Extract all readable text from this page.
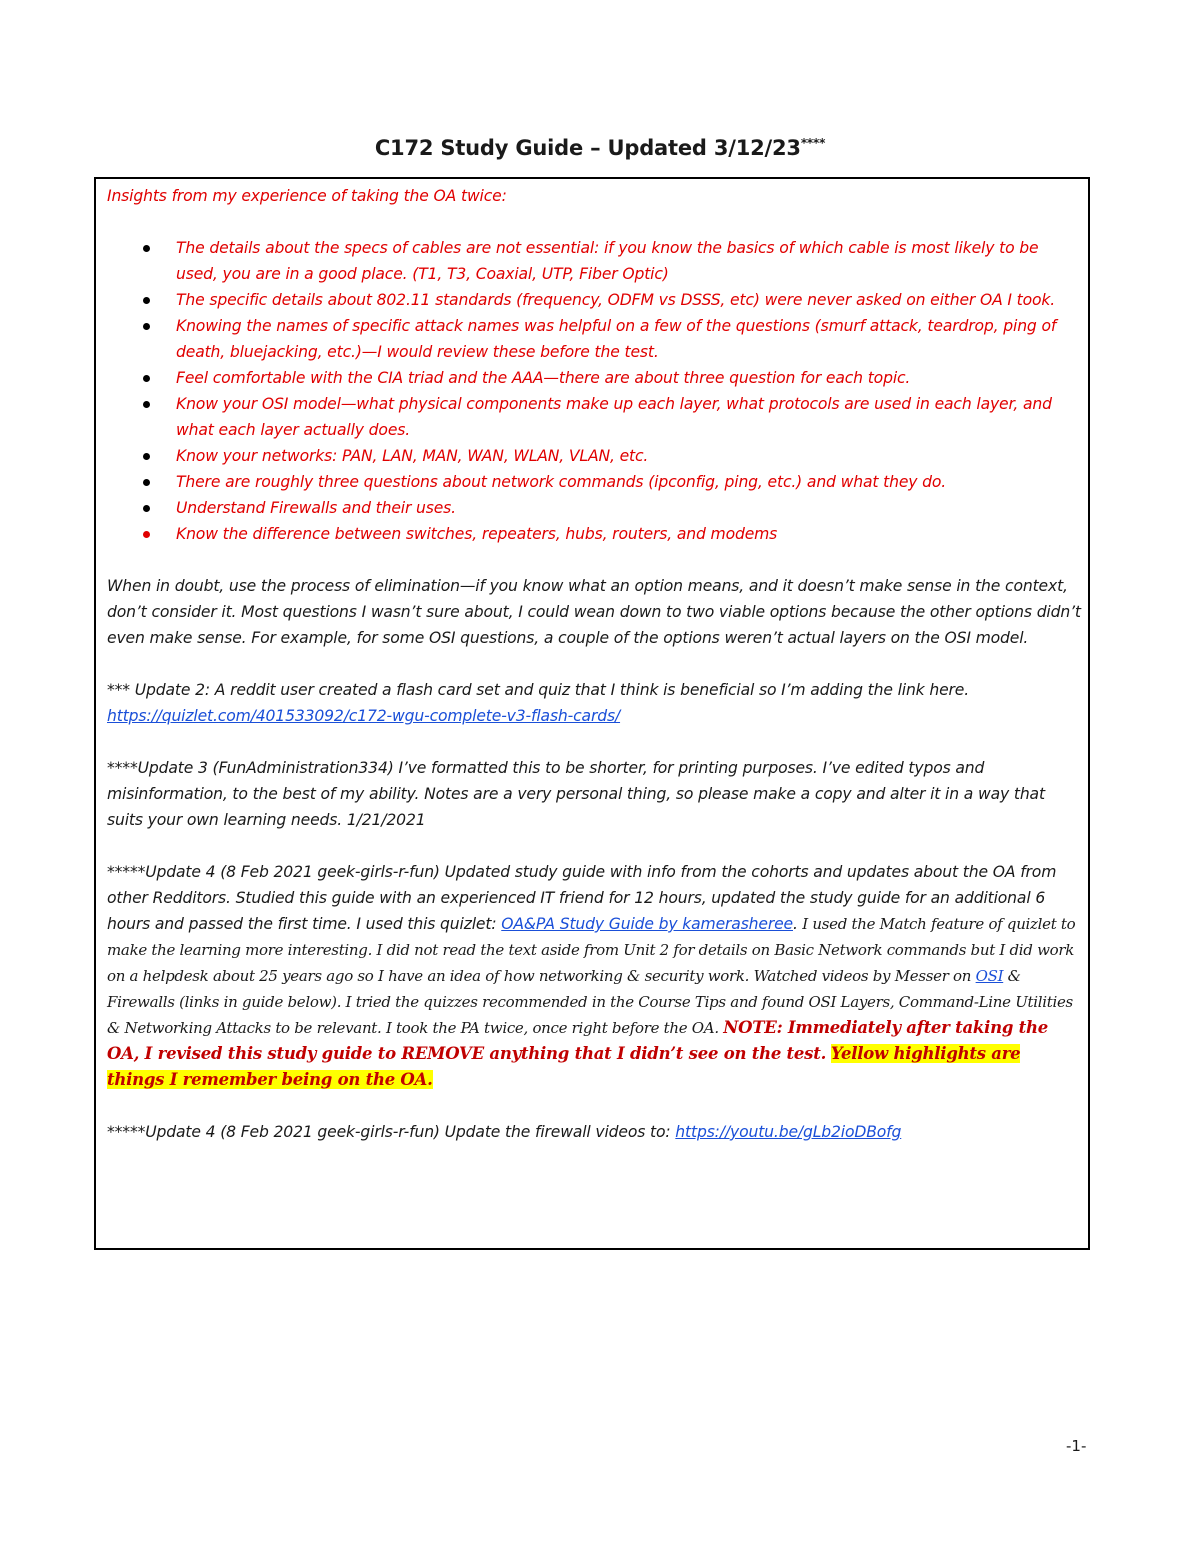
C172 Study Guide – Updated 3/12/23****

Insights from my experience of taking the OA twice:

The details about the specs of cables are not essential: if you know the basics of which cable is most likely to be used, you are in a good place. (T1, T3, Coaxial, UTP, Fiber Optic)
The specific details about 802.11 standards (frequency, ODFM vs DSSS, etc) were never asked on either OA I took.
Knowing the names of specific attack names was helpful on a few of the questions (smurf attack, teardrop, ping of death, bluejacking, etc.)—I would review these before the test.
Feel comfortable with the CIA triad and the AAA—there are about three question for each topic.
Know your OSI model—what physical components make up each layer, what protocols are used in each layer, and what each layer actually does.
Know your networks: PAN, LAN, MAN, WAN, WLAN, VLAN, etc.
There are roughly three questions about network commands (ipconfig, ping, etc.) and what they do.
Understand Firewalls and their uses.
Know the difference between switches, repeaters, hubs, routers, and modems

When in doubt, use the process of elimination—if you know what an option means, and it doesn’t make sense in the context, don’t consider it. Most questions I wasn’t sure about, I could wean down to two viable options because the other options didn’t even make sense. For example, for some OSI questions, a couple of the options weren’t actual layers on the OSI model.

*** Update 2: A reddit user created a flash card set and quiz that I think is beneficial so I’m adding the link here.
https://quizlet.com/401533092/c172-wgu-complete-v3-flash-cards/

****Update 3 (FunAdministration334) I’ve formatted this to be shorter, for printing purposes. I’ve edited typos and misinformation, to the best of my ability. Notes are a very personal thing, so please make a copy and alter it in a way that suits your own learning needs. 1/21/2021

*****Update 4 (8 Feb 2021 geek-girls-r-fun) Updated study guide with info from the cohorts and updates about the OA from other Redditors. Studied this guide with an experienced IT friend for 12 hours, updated the study guide for an additional 6 hours and passed the first time. I used this quizlet: OA&PA Study Guide by kamerasheree. I used the Match feature of quizlet to make the learning more interesting. I did not read the text aside from Unit 2 for details on Basic Network commands but I did work on a helpdesk about 25 years ago so I have an idea of how networking & security work. Watched videos by Messer on OSI & Firewalls (links in guide below). I tried the quizzes recommended in the Course Tips and found OSI Layers, Command-Line Utilities & Networking Attacks to be relevant. I took the PA twice, once right before the OA. NOTE: Immediately after taking the OA, I revised this study guide to REMOVE anything that I didn’t see on the test. Yellow highlights are things I remember being on the OA.

*****Update 4 (8 Feb 2021 geek-girls-r-fun) Update the firewall videos to: https://youtu.be/gLb2ioDBofg

-1-
